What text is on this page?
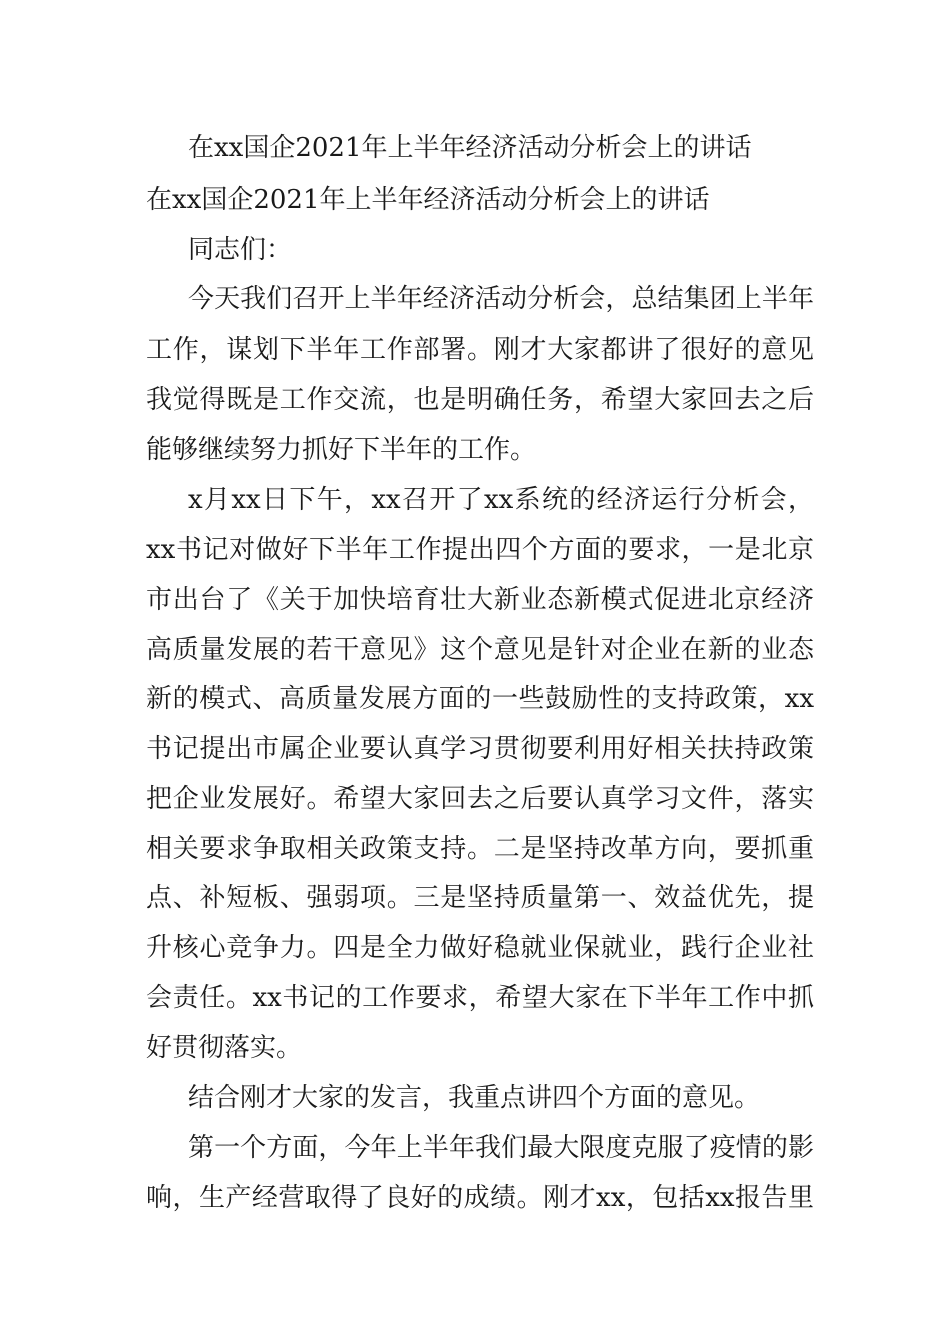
在xx国企2021年上半年经济活动分析会上的讲话
在xx国企2021年上半年经济活动分析会上的讲话
同志们：
今天我们召开上半年经济活动分析会，总结集团上半年
工作，谋划下半年工作部署。刚才大家都讲了很好的意见
我觉得既是工作交流，也是明确任务，希望大家回去之后
能够继续努力抓好下半年的工作。
x月xx日下午，xx召开了xx系统的经济运行分析会，
xx书记对做好下半年工作提出四个方面的要求，一是北京
市出台了《关于加快培育壮大新业态新模式促进北京经济
高质量发展的若干意见》这个意见是针对企业在新的业态
新的模式、高质量发展方面的一些鼓励性的支持政策，xx
书记提出市属企业要认真学习贯彻要利用好相关扶持政策
把企业发展好。希望大家回去之后要认真学习文件，落实
相关要求争取相关政策支持。二是坚持改革方向，要抓重
点、补短板、强弱项。三是坚持质量第一、效益优先，提
升核心竞争力。四是全力做好稳就业保就业，践行企业社
会责任。xx书记的工作要求，希望大家在下半年工作中抓
好贯彻落实。
结合刚才大家的发言，我重点讲四个方面的意见。
第一个方面，今年上半年我们最大限度克服了疫情的影
响，生产经营取得了良好的成绩。刚才xx，包括xx报告里
